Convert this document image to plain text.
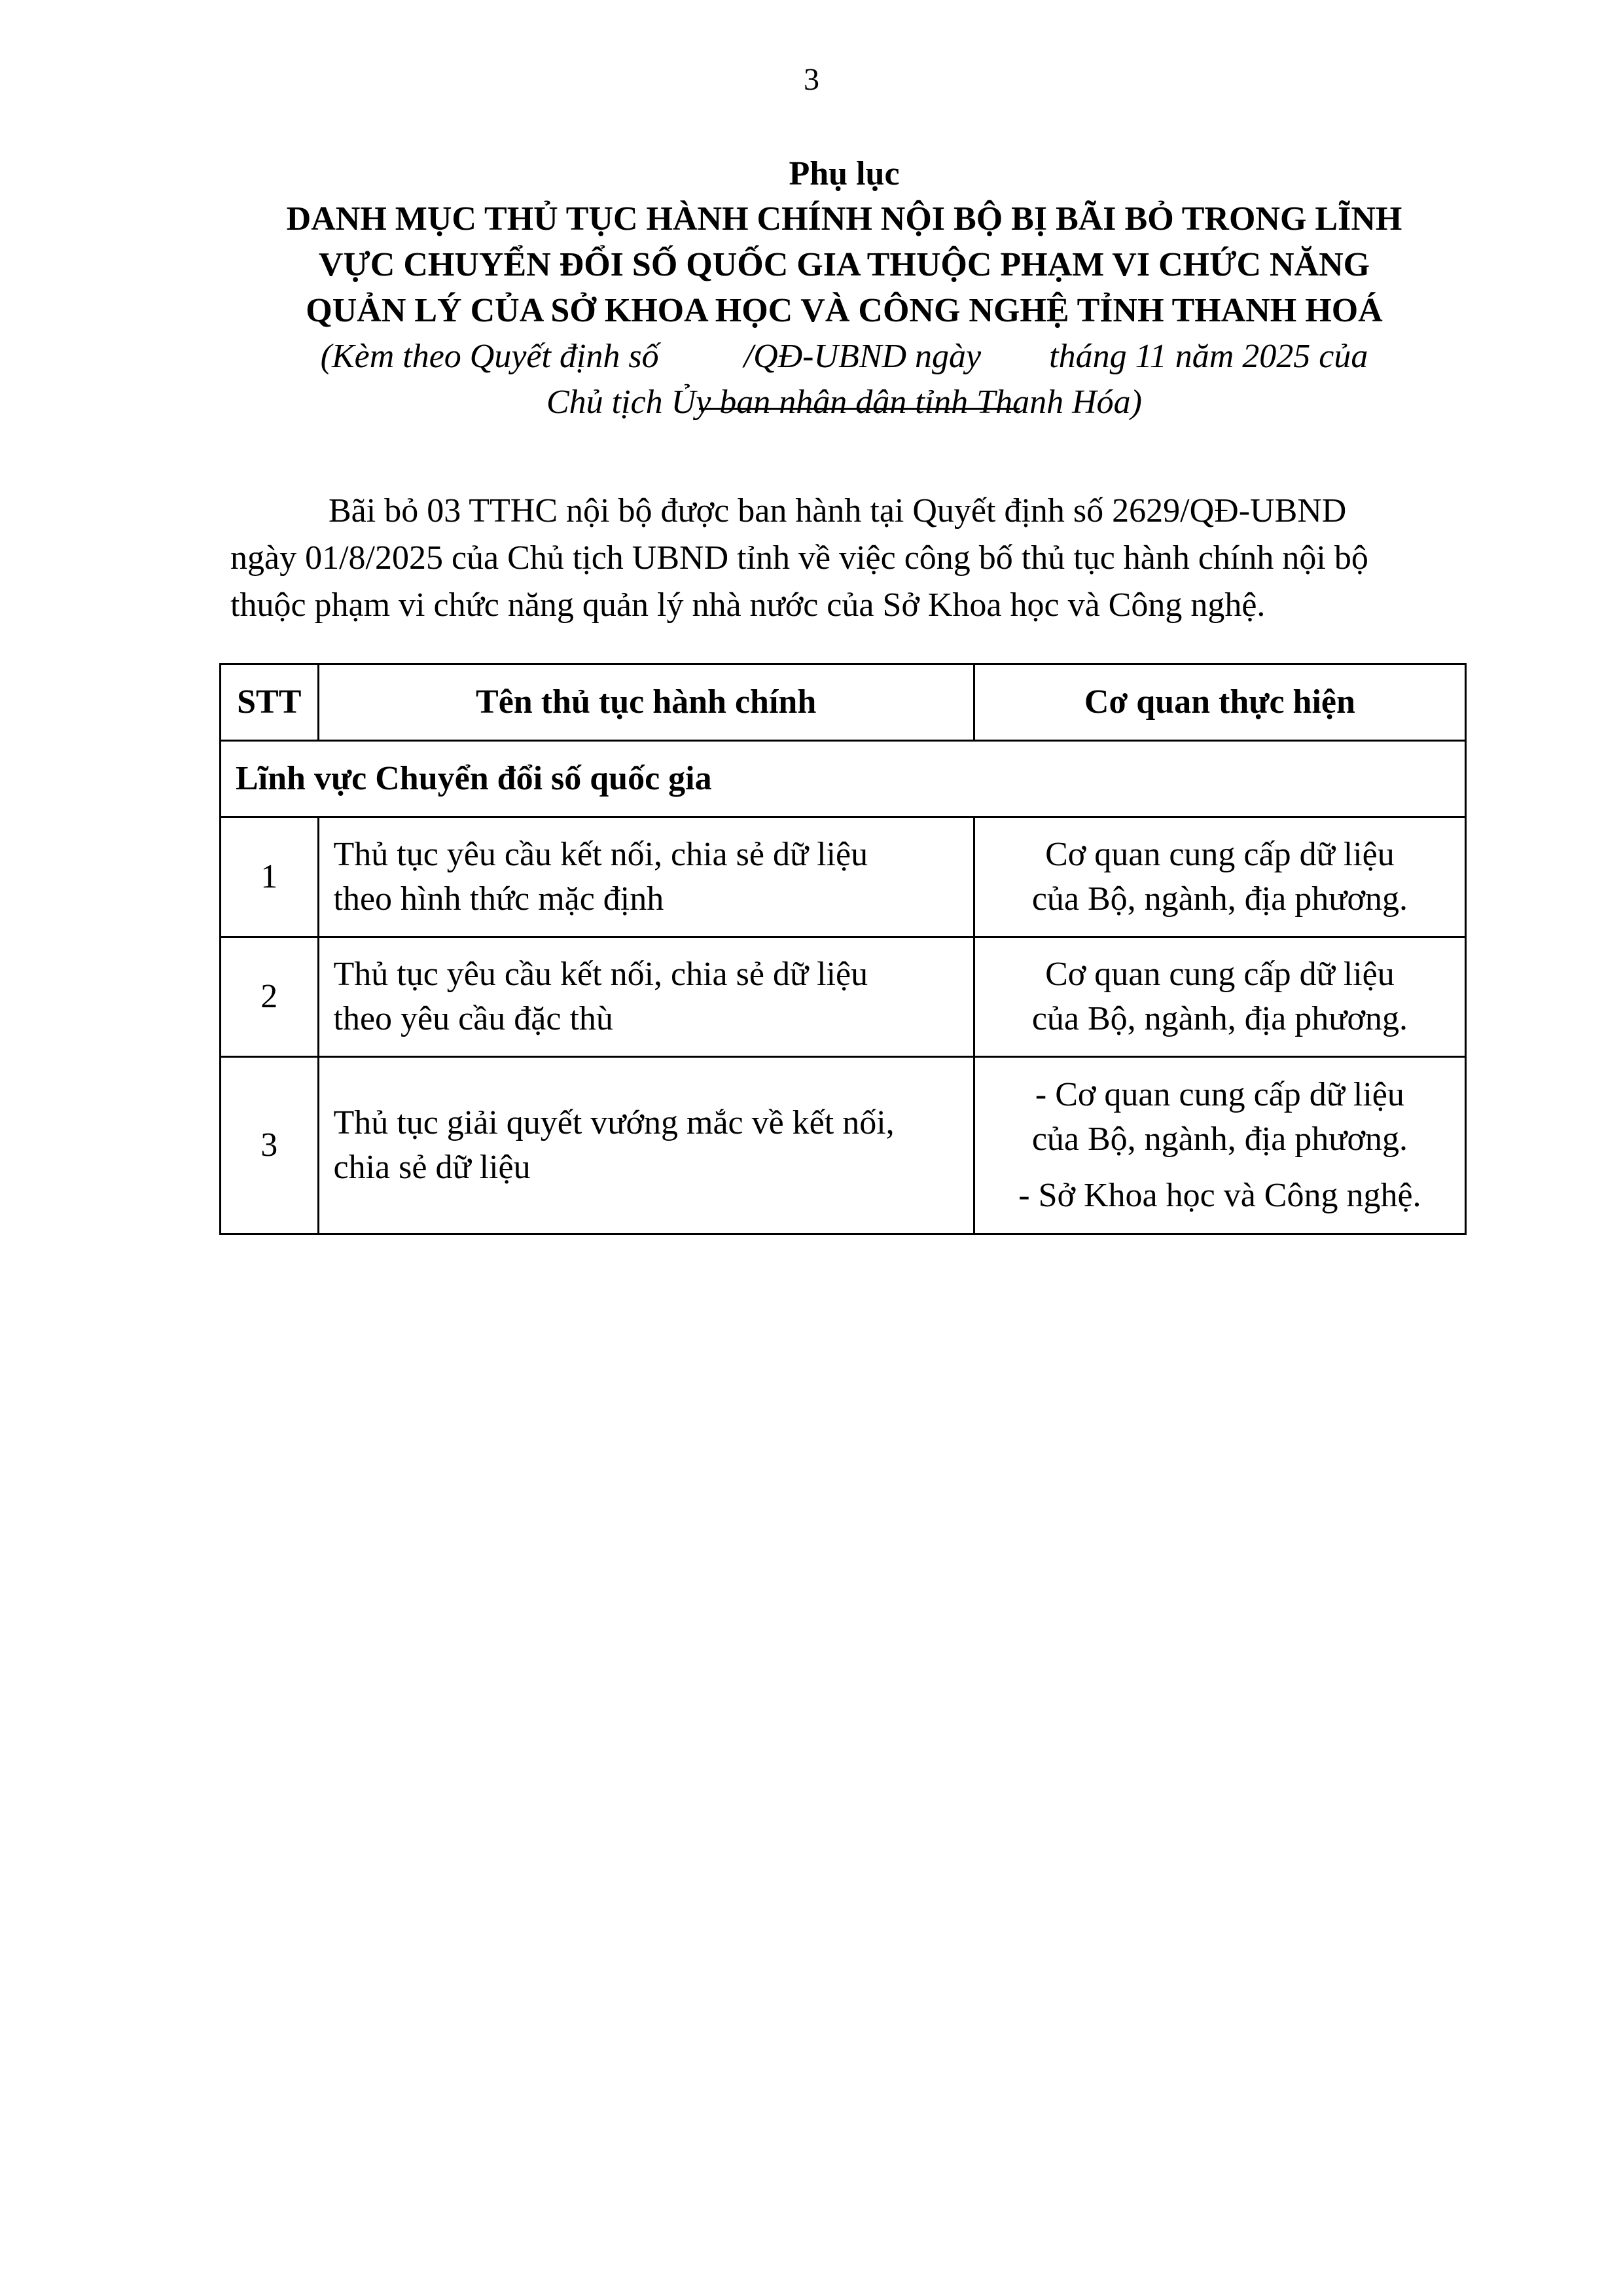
3
Phụ lục
DANH MỤC THỦ TỤC HÀNH CHÍNH NỘI BỘ BỊ BÃI BỎ TRONG LĨNH
VỰC CHUYỂN ĐỔI SỐ QUỐC GIA THUỘC PHẠM VI CHỨC NĂNG
QUẢN LÝ CỦA SỞ KHOA HỌC VÀ CÔNG NGHỆ TỈNH THANH HOÁ
(Kèm theo Quyết định số          /QĐ-UBND ngày        tháng 11 năm 2025 của
Chủ tịch Ủy ban nhân dân tỉnh Thanh Hóa)
Bãi bỏ 03 TTHC nội bộ được ban hành tại Quyết định số 2629/QĐ-UBND
ngày 01/8/2025 của Chủ tịch UBND tỉnh về việc công bố thủ tục hành chính nội bộ
thuộc phạm vi chức năng quản lý nhà nước của Sở Khoa học và Công nghệ.
STT	Tên thủ tục hành chính	Cơ quan thực hiện
Lĩnh vực Chuyển đổi số quốc gia		
1	Thủ tục yêu cầu kết nối, chia sẻ dữ liệu
theo hình thức mặc định	Cơ quan cung cấp dữ liệu
của Bộ, ngành, địa phương.

2	Thủ tục yêu cầu kết nối, chia sẻ dữ liệu
theo yêu cầu đặc thù	Cơ quan cung cấp dữ liệu
của Bộ, ngành, địa phương.

3	Thủ tục giải quyết vướng mắc về kết nối,
chia sẻ dữ liệu	- Cơ quan cung cấp dữ liệu
của Bộ, ngành, địa phương.
- Sở Khoa học và Công nghệ.
